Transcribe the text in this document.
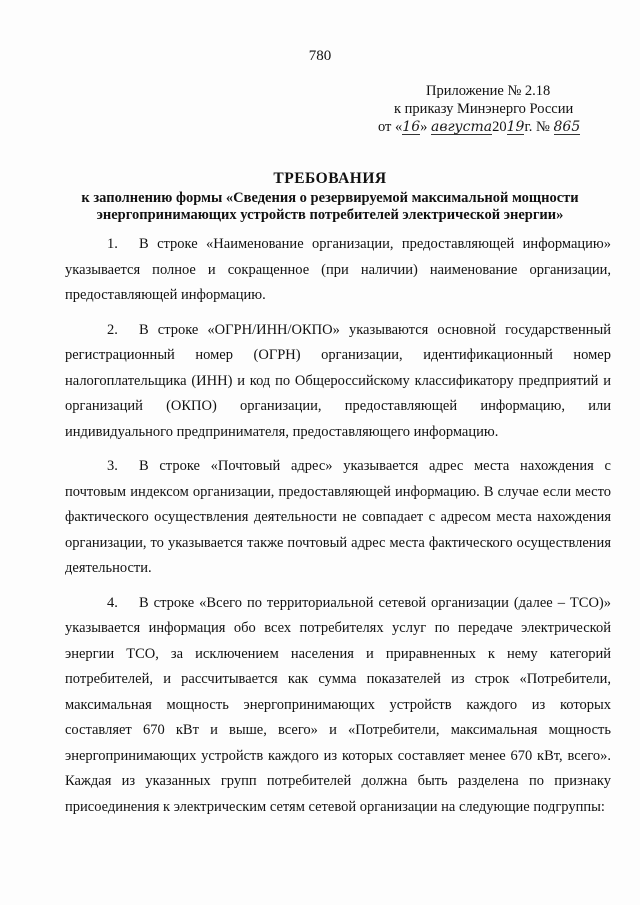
780
Приложение № 2.18
к приказу Минэнерго России
от «16» августа2019г. № 865
ТРЕБОВАНИЯ
к заполнению формы «Сведения о резервируемой максимальной мощности
энергопринимающих устройств потребителей электрической энергии»

1. В строке «Наименование организации, предоставляющей информацию» указывается полное и сокращенное (при наличии) наименование организации, предоставляющей информацию.

2. В строке «ОГРН/ИНН/ОКПО» указываются основной государственный регистрационный номер (ОГРН) организации, идентификационный номер налогоплательщика (ИНН) и код по Общероссийскому классификатору предприятий и организаций (ОКПО) организации, предоставляющей информацию, или индивидуального предпринимателя, предоставляющего информацию.

3. В строке «Почтовый адрес» указывается адрес места нахождения с почтовым индексом организации, предоставляющей информацию. В случае если место фактического осуществления деятельности не совпадает с адресом места нахождения организации, то указывается также почтовый адрес места фактического осуществления деятельности.

4. В строке «Всего по территориальной сетевой организации (далее – ТСО)» указывается информация обо всех потребителях услуг по передаче электрической энергии ТСО, за исключением населения и приравненных к нему категорий потребителей, и рассчитывается как сумма показателей из строк «Потребители, максимальная мощность энергопринимающих устройств каждого из которых составляет 670 кВт и выше, всего» и «Потребители, максимальная мощность энергопринимающих устройств каждого из которых составляет менее 670 кВт, всего». Каждая из указанных групп потребителей должна быть разделена по признаку присоединения к электрическим сетям сетевой организации на следующие подгруппы:
